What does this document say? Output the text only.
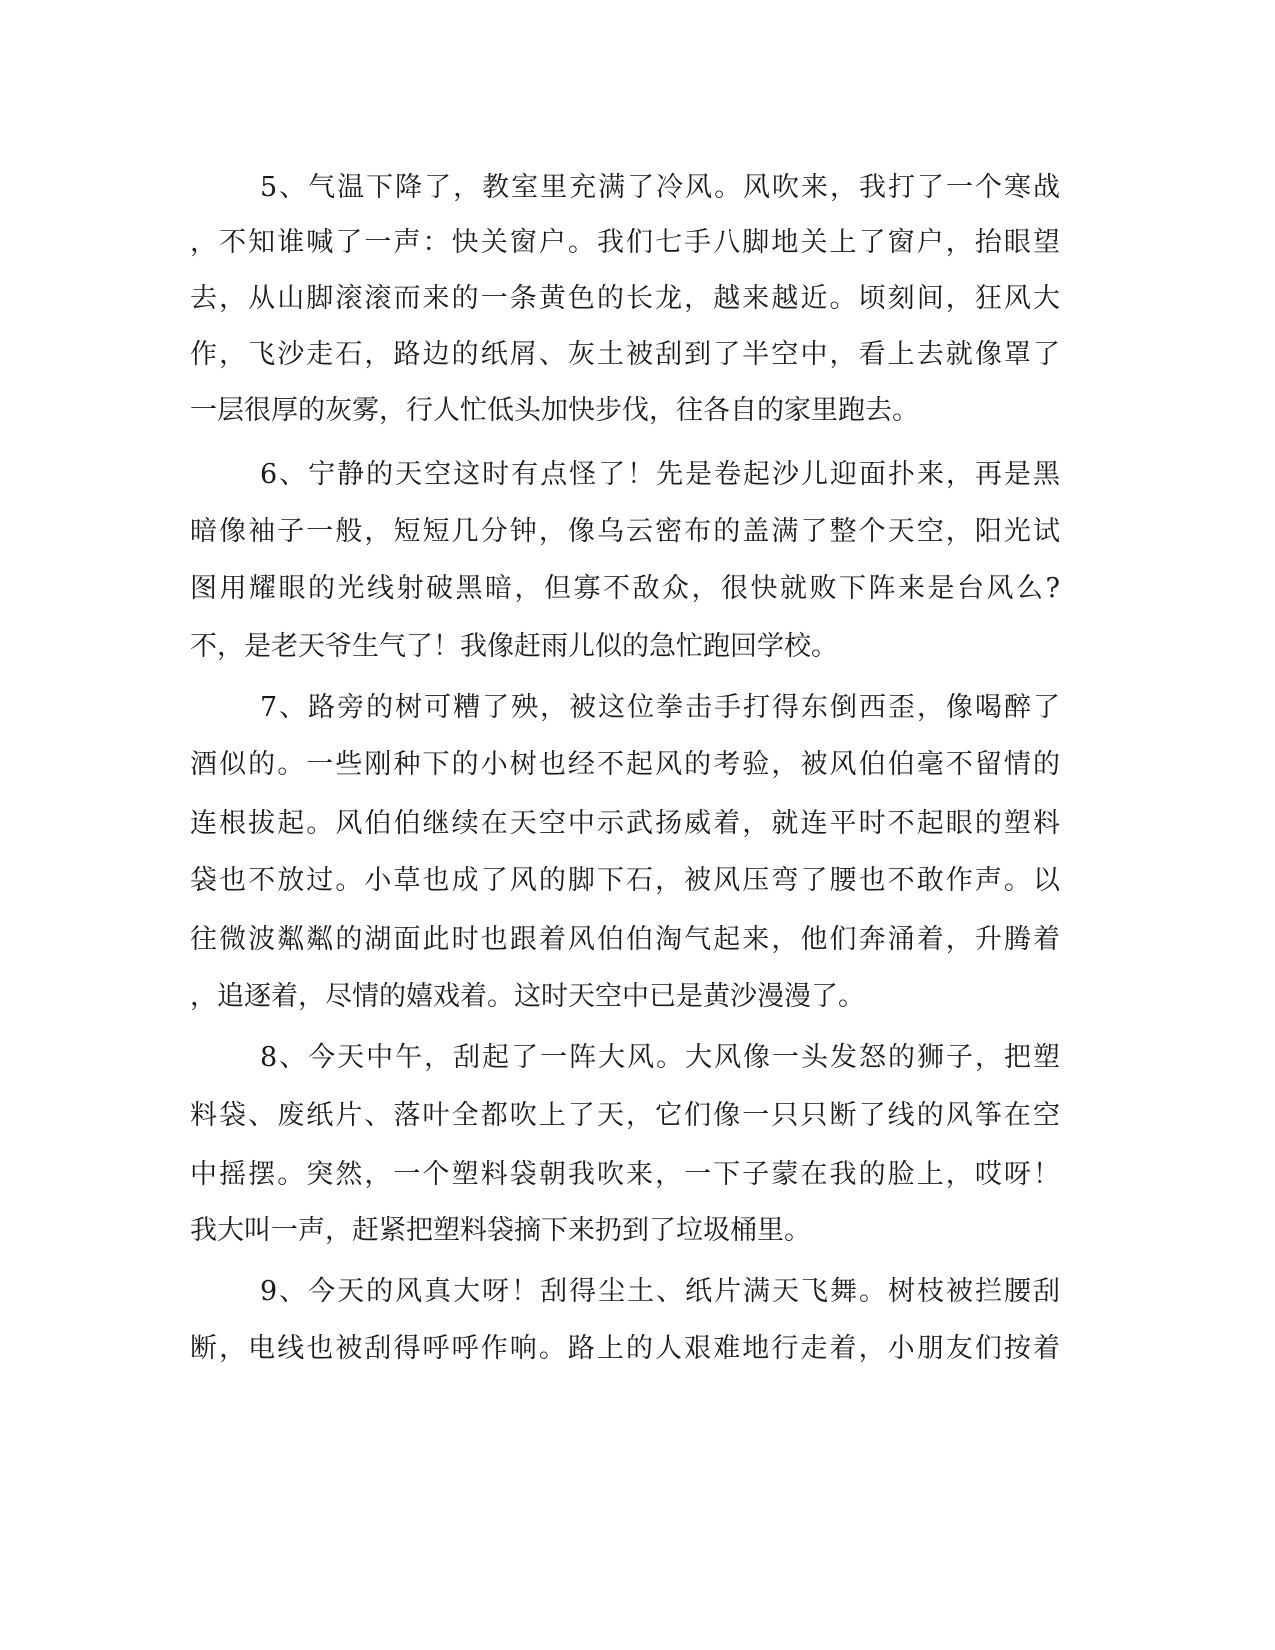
5、气温下降了，教室里充满了冷风。风吹来，我打了一个寒战
，不知谁喊了一声：快关窗户。我们七手八脚地关上了窗户，抬眼望
去，从山脚滚滚而来的一条黄色的长龙，越来越近。顷刻间，狂风大
作，飞沙走石，路边的纸屑、灰土被刮到了半空中，看上去就像罩了
一层很厚的灰雾，行人忙低头加快步伐，往各自的家里跑去。
6、宁静的天空这时有点怪了！先是卷起沙儿迎面扑来，再是黑
暗像袖子一般，短短几分钟，像乌云密布的盖满了整个天空，阳光试
图用耀眼的光线射破黑暗，但寡不敌众，很快就败下阵来是台风么?
不，是老天爷生气了！我像赶雨儿似的急忙跑回学校。
7、路旁的树可糟了殃，被这位拳击手打得东倒西歪，像喝醉了
酒似的。一些刚种下的小树也经不起风的考验，被风伯伯毫不留情的
连根拔起。风伯伯继续在天空中示武扬威着，就连平时不起眼的塑料
袋也不放过。小草也成了风的脚下石，被风压弯了腰也不敢作声。以
往微波粼粼的湖面此时也跟着风伯伯淘气起来，他们奔涌着，升腾着
，追逐着，尽情的嬉戏着。这时天空中已是黄沙漫漫了。
8、今天中午，刮起了一阵大风。大风像一头发怒的狮子，把塑
料袋、废纸片、落叶全都吹上了天，它们像一只只断了线的风筝在空
中摇摆。突然，一个塑料袋朝我吹来，一下子蒙在我的脸上，哎呀！
我大叫一声，赶紧把塑料袋摘下来扔到了垃圾桶里。
9、今天的风真大呀！刮得尘土、纸片满天飞舞。树枝被拦腰刮
断，电线也被刮得呼呼作响。路上的人艰难地行走着，小朋友们按着
